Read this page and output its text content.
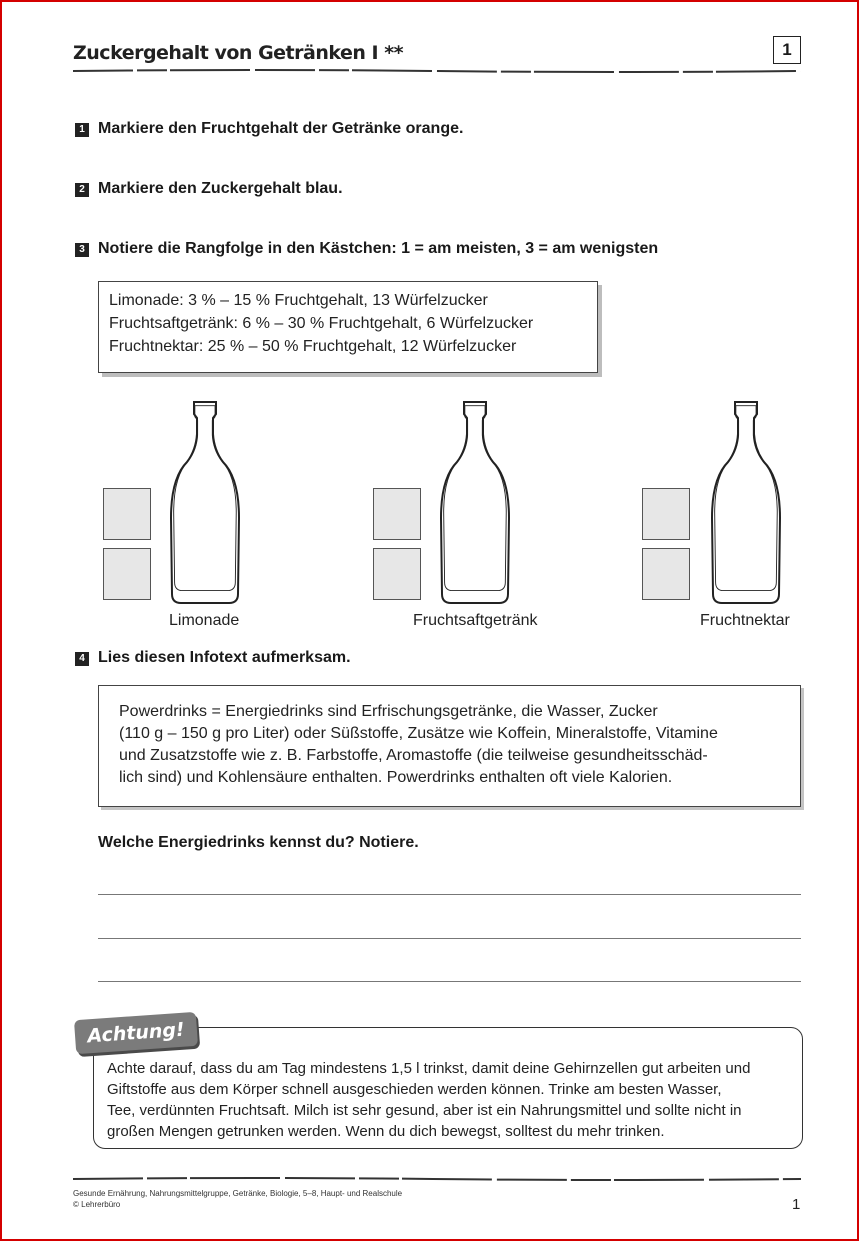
Zuckergehalt von Getränken I **	1
1 Markiere den Fruchtgehalt der Getränke orange.
2 Markiere den Zuckergehalt blau.
3 Notiere die Rangfolge in den Kästchen: 1 = am meisten, 3 = am wenigsten
Limonade: 3 % – 15 % Fruchtgehalt, 13 Würfelzucker
Fruchtsaftgetränk: 6 % – 30 % Fruchtgehalt, 6 Würfelzucker
Fruchtnektar: 25 % – 50 % Fruchtgehalt, 12 Würfelzucker
Limonade	Fruchtsaftgetränk	Fruchtnektar
4 Lies diesen Infotext aufmerksam.
Powerdrinks = Energiedrinks sind Erfrischungsgetränke, die Wasser, Zucker
(110 g – 150 g pro Liter) oder Süßstoffe, Zusätze wie Koffein, Mineralstoffe, Vitamine
und Zusatzstoffe wie z. B. Farbstoffe, Aromastoffe (die teilweise gesundheitsschäd-
lich sind) und Kohlensäure enthalten. Powerdrinks enthalten oft viele Kalorien.
Welche Energiedrinks kennst du? Notiere.
Achte darauf, dass du am Tag mindestens 1,5 l trinkst, damit deine Gehirnzellen gut arbeiten und
Giftstoffe aus dem Körper schnell ausgeschieden werden können. Trinke am besten Wasser,
Tee, verdünnten Fruchtsaft. Milch ist sehr gesund, aber ist ein Nahrungsmittel und sollte nicht in
großen Mengen getrunken werden. Wenn du dich bewegst, solltest du mehr trinken.
Achtung!
Gesunde Ernährung, Nahrungsmittelgruppe, Getränke, Biologie, 5–8, Haupt- und Realschule
© Lehrerbüro	1
